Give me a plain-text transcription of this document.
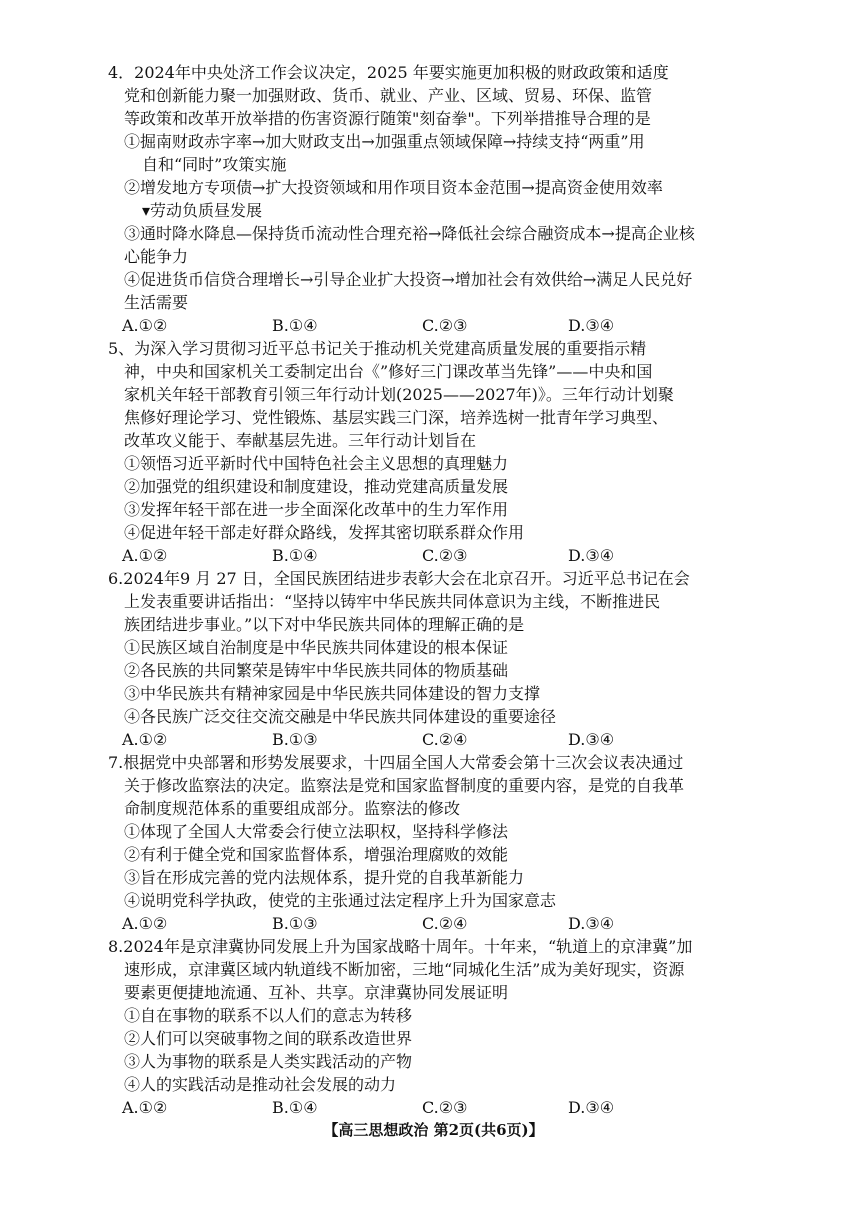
4．2024年中央处济工作会议决定，2025 年要实施更加积极的财政政策和适度
党和创新能力聚一加强财政、货币、就业、产业、区域、贸易、环保、监管
等政策和改革开放举措的伤害资源行随策"刻奋拳"。下列举措推导合理的是
①掘南财政赤字率→加大财政支出→加强重点领域保障→持续支持“两重”用
自和“同时”攻策实施
②增发地方专项债→扩大投资领域和用作项目资本金范围→提高资金使用效率
▾劳动负质昼发展
③通时降水降息—保持货币流动性合理充裕→降低社会综合融资成本→提高企业核
心能争力
④促进货币信贷合理增长→引导企业扩大投资→增加社会有效供给→满足人民兑好
生活需要
A.①②	B.①④	C.②③	D.③④
5、为深入学习贯彻习近平总书记关于推动机关党建高质量发展的重要指示精
神，中央和国家机关工委制定出台《”修好三门课改革当先锋”——中央和国
家机关年轻干部教育引领三年行动计划(2025——2027年)》。三年行动计划聚
焦修好理论学习、党性锻炼、基层实践三门深，培养选树一批青年学习典型、
改革攻义能于、奉献基层先进。三年行动计划旨在
①领悟习近平新时代中国特色社会主义思想的真理魅力
②加强党的组织建设和制度建设，推动党建高质量发展
③发挥年轻干部在进一步全面深化改革中的生力军作用
④促进年轻干部走好群众路线，发挥其密切联系群众作用
A.①②	B.①④	C.②③	D.③④
6.2024年9 月 27 日，全国民族团结进步表彰大会在北京召开。习近平总书记在会
上发表重要讲话指出：“坚持以铸牢中华民族共同体意识为主线，不断推进民
族团结进步事业。”以下对中华民族共同体的理解正确的是
①民族区域自治制度是中华民族共同体建设的根本保证
②各民族的共同繁荣是铸牢中华民族共同体的物质基础
③中华民族共有精神家园是中华民族共同体建设的智力支撑
④各民族广泛交往交流交融是中华民族共同体建设的重要途径
A.①②	B.①③	C.②④	D.③④
7.根据党中央部署和形势发展要求，十四届全国人大常委会第十三次会议表决通过
关于修改监察法的决定。监察法是党和国家监督制度的重要内容，是党的自我革
命制度规范体系的重要组成部分。监察法的修改
①体现了全国人大常委会行使立法职权，坚持科学修法
②有利于健全党和国家监督体系，增强治理腐败的效能
③旨在形成完善的党内法规体系，提升党的自我革新能力
④说明党科学执政，使党的主张通过法定程序上升为国家意志
A.①②	B.①③	C.②④	D.③④
8.2024年是京津冀协同发展上升为国家战略十周年。十年来，“轨道上的京津冀”加
速形成，京津冀区域内轨道线不断加密，三地“同城化生活”成为美好现实，资源
要素更便捷地流通、互补、共享。京津冀协同发展证明
①自在事物的联系不以人们的意志为转移
②人们可以突破事物之间的联系改造世界
③人为事物的联系是人类实践活动的产物
④人的实践活动是推动社会发展的动力
A.①②	B.①④	C.②③	D.③④
【高三思想政治 第2页(共6页)】
